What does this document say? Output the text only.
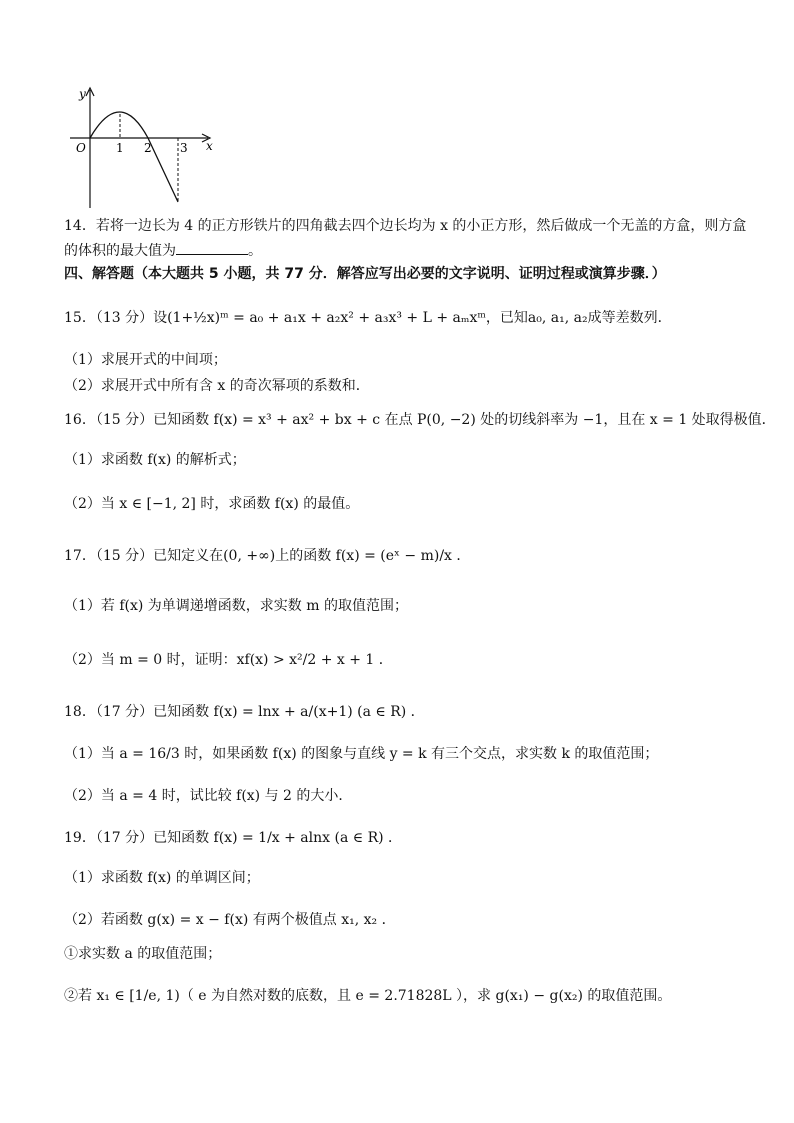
y
x
O	1 2 3
14．若将一边长为 4 的正方形铁片的四角截去四个边长均为 x 的小正方形，然后做成一个无盖的方盒，则方盒
的体积的最大值为	。
四、解答题（本大题共 5 小题，共 77 分．解答应写出必要的文字说明、证明过程或演算步骤．）
15．（13 分）设(1+½x)ᵐ = a₀ + a₁x + a₂x² + a₃x³ + L + aₘxᵐ，已知a₀, a₁, a₂成等差数列．
（1）求展开式的中间项；
（2）求展开式中所有含 x 的奇次幂项的系数和．
16．（15 分）已知函数 f(x) = x³ + ax² + bx + c 在点 P(0, −2) 处的切线斜率为 −1，且在 x = 1 处取得极值．
（1）求函数 f(x) 的解析式；
（2）当 x ∈ [−1, 2] 时，求函数 f(x) 的最值。
17．（15 分）已知定义在(0, +∞)上的函数 f(x) = (eˣ − m)/x ．
（1）若 f(x) 为单调递增函数，求实数 m 的取值范围；
（2）当 m = 0 时，证明：xf(x) > x²/2 + x + 1 ．
18．（17 分）已知函数 f(x) = lnx + a/(x+1) (a ∈ R) ．
（1）当 a = 16/3 时，如果函数 f(x) 的图象与直线 y = k 有三个交点，求实数 k 的取值范围；
（2）当 a = 4 时，试比较 f(x) 与 2 的大小．
19．（17 分）已知函数 f(x) = 1/x + alnx (a ∈ R) ．
（1）求函数 f(x) 的单调区间；
（2）若函数 g(x) = x − f(x) 有两个极值点 x₁, x₂ ．
①求实数 a 的取值范围；
②若 x₁ ∈ [1/e, 1)（ e 为自然对数的底数，且 e = 2.71828L ），求 g(x₁) − g(x₂) 的取值范围。
